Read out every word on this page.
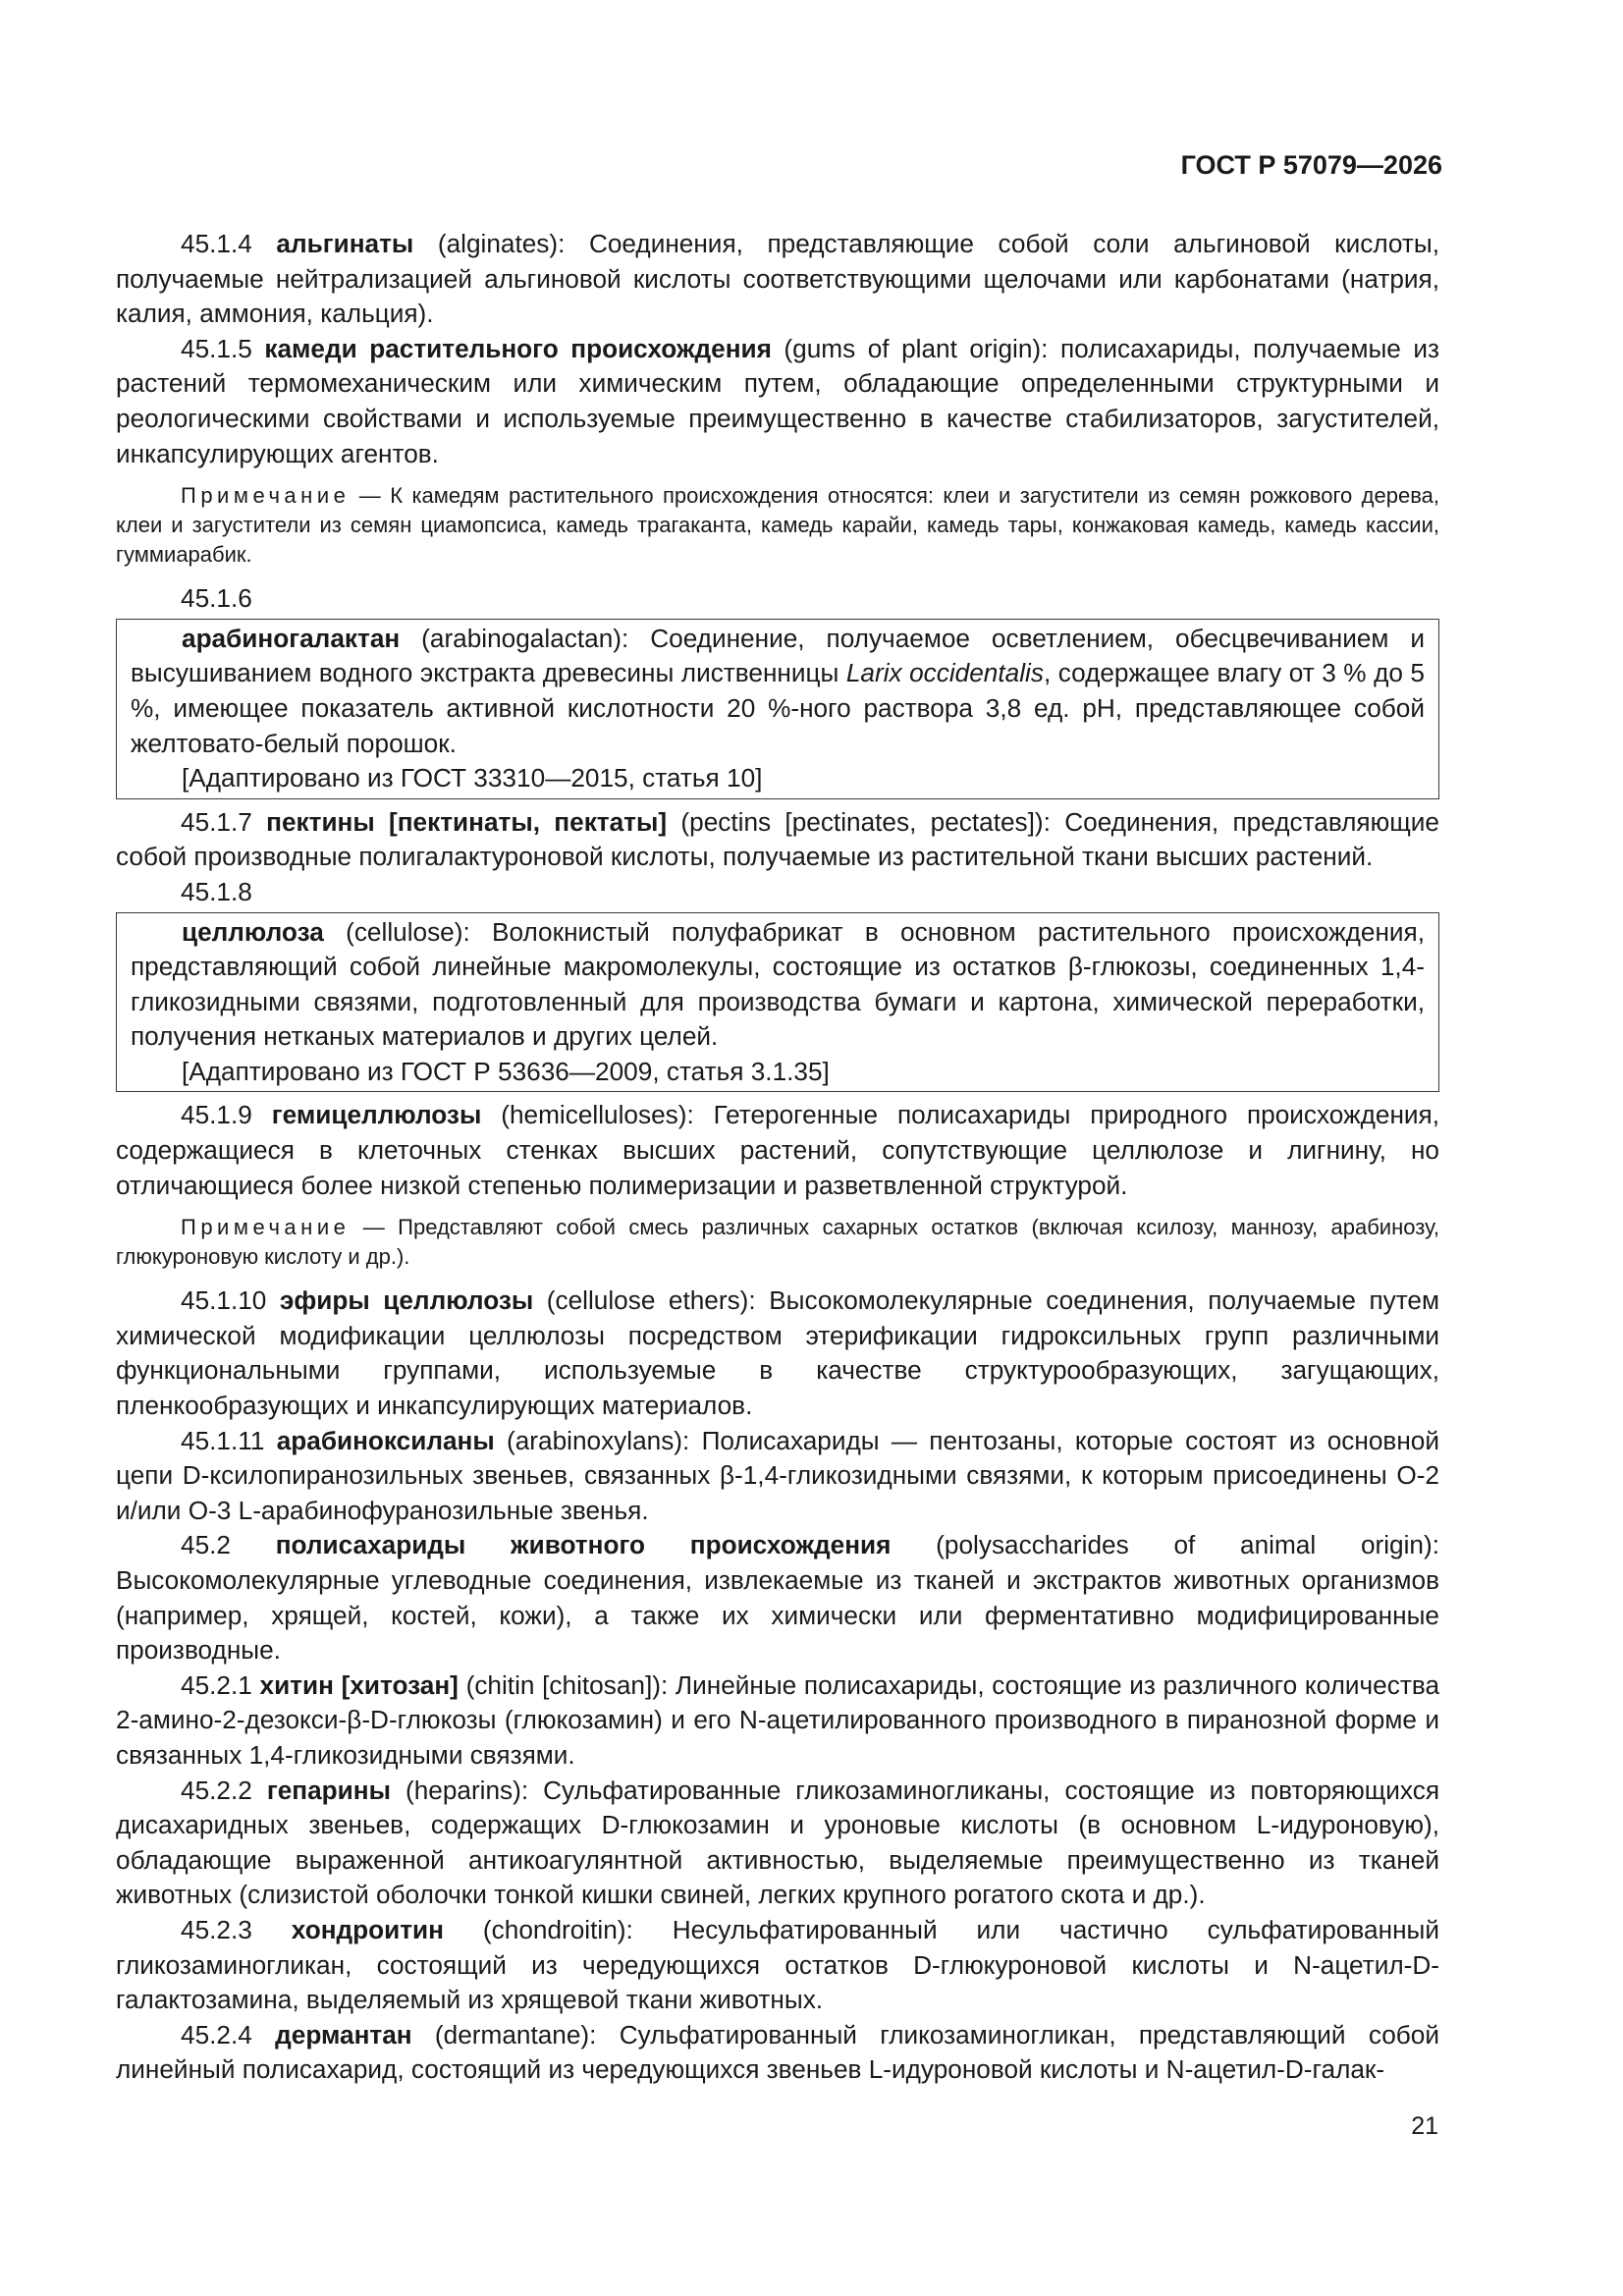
ГОСТ Р 57079—2026

45.1.4 альгинаты (alginates): Соединения, представляющие собой соли альгиновой кислоты, получаемые нейтрализацией альгиновой кислоты соответствующими щелочами или карбонатами (натрия, калия, аммония, кальция).

45.1.5 камеди растительного происхождения (gums of plant origin): полисахариды, получаемые из растений термомеханическим или химическим путем, обладающие определенными структурными и реологическими свойствами и используемые преимущественно в качестве стабилизаторов, загустителей, инкапсулирующих агентов.

Примечание — К камедям растительного происхождения относятся: клеи и загустители из семян рожкового дерева, клеи и загустители из семян циамопсиса, камедь трагаканта, камедь карайи, камедь тары, конжаковая камедь, камедь кассии, гуммиарабик.

45.1.6

арабиногалактан (arabinogalactan): Соединение, получаемое осветлением, обесцвечиванием и высушиванием водного экстракта древесины лиственницы Larix occidentalis, содержащее влагу от 3 % до 5 %, имеющее показатель активной кислотности 20 %-ного раствора 3,8 ед. pH, представляющее собой желтовато-белый порошок.

[Адаптировано из ГОСТ 33310—2015, статья 10]

45.1.7 пектины [пектинаты, пектаты] (pectins [pectinates, pectates]): Соединения, представляющие собой производные полигалактуроновой кислоты, получаемые из растительной ткани высших растений.

45.1.8

целлюлоза (cellulose): Волокнистый полуфабрикат в основном растительного происхождения, представляющий собой линейные макромолекулы, состоящие из остатков β-глюкозы, соединенных 1,4-гликозидными связями, подготовленный для производства бумаги и картона, химической переработки, получения нетканых материалов и других целей.

[Адаптировано из ГОСТ Р 53636—2009, статья 3.1.35]

45.1.9 гемицеллюлозы (hemicelluloses): Гетерогенные полисахариды природного происхождения, содержащиеся в клеточных стенках высших растений, сопутствующие целлюлозе и лигнину, но отличающиеся более низкой степенью полимеризации и разветвленной структурой.

Примечание — Представляют собой смесь различных сахарных остатков (включая ксилозу, маннозу, арабинозу, глюкуроновую кислоту и др.).

45.1.10 эфиры целлюлозы (cellulose ethers): Высокомолекулярные соединения, получаемые путем химической модификации целлюлозы посредством этерификации гидроксильных групп различными функциональными группами, используемые в качестве структурообразующих, загущающих, пленкообразующих и инкапсулирующих материалов.

45.1.11 арабиноксиланы (arabinoxylans): Полисахариды — пентозаны, которые состоят из основной цепи D-ксилопиранозильных звеньев, связанных β-1,4-гликозидными связями, к которым присоединены O-2 и/или O-3 L-арабинофуранозильные звенья.

45.2 полисахариды животного происхождения (polysaccharides of animal origin): Высокомолекулярные углеводные соединения, извлекаемые из тканей и экстрактов животных организмов (например, хрящей, костей, кожи), а также их химически или ферментативно модифицированные производные.

45.2.1 хитин [хитозан] (chitin [chitosan]): Линейные полисахариды, состоящие из различного количества 2-амино-2-дезокси-β-D-глюкозы (глюкозамин) и его N-ацетилированного производного в пиранозной форме и связанных 1,4-гликозидными связями.

45.2.2 гепарины (heparins): Сульфатированные гликозаминогликаны, состоящие из повторяющихся дисахаридных звеньев, содержащих D-глюкозамин и уроновые кислоты (в основном L-идуроновую), обладающие выраженной антикоагулянтной активностью, выделяемые преимущественно из тканей животных (слизистой оболочки тонкой кишки свиней, легких крупного рогатого скота и др.).

45.2.3 хондроитин (chondroitin): Несульфатированный или частично сульфатированный гликозаминогликан, состоящий из чередующихся остатков D-глюкуроновой кислоты и N-ацетил-D-галактозамина, выделяемый из хрящевой ткани животных.

45.2.4 дермантан (dermantane): Сульфатированный гликозаминогликан, представляющий собой линейный полисахарид, состоящий из чередующихся звеньев L-идуроновой кислоты и N-ацетил-D-галак-

21
